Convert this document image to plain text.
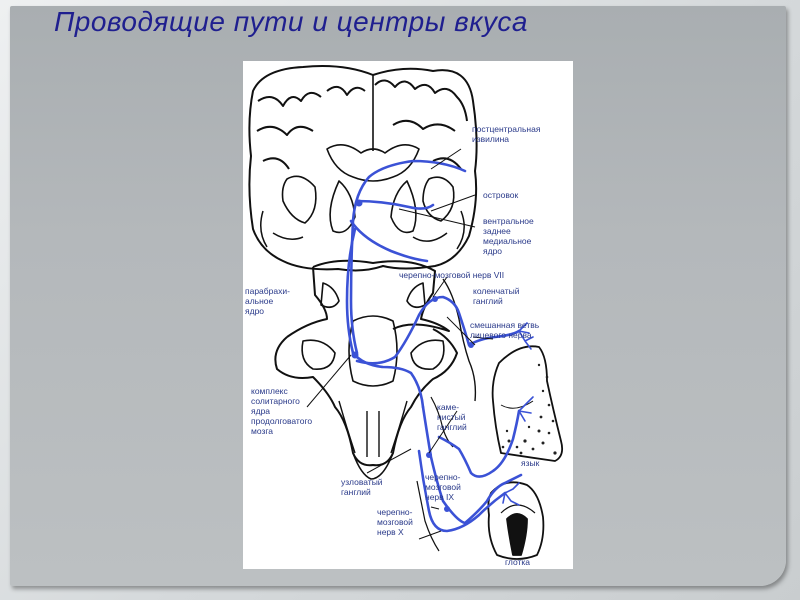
Проводящие пути и центры вкуса
постцентральная
извилина
островок
вентральное
заднее
медиальное
ядро
черепно-мозговой нерв VII
парабрахи-
альное
ядро
коленчатый
ганглий
смешанная ветвь
лицевого нерва
комплекс
солитарного
ядра
продолговатого
мозга
каме-
нистый
ганглий
язык
узловатый
ганглий
черепно-
мозговой
нерв IX
черепно-
мозговой
нерв X
глотка
